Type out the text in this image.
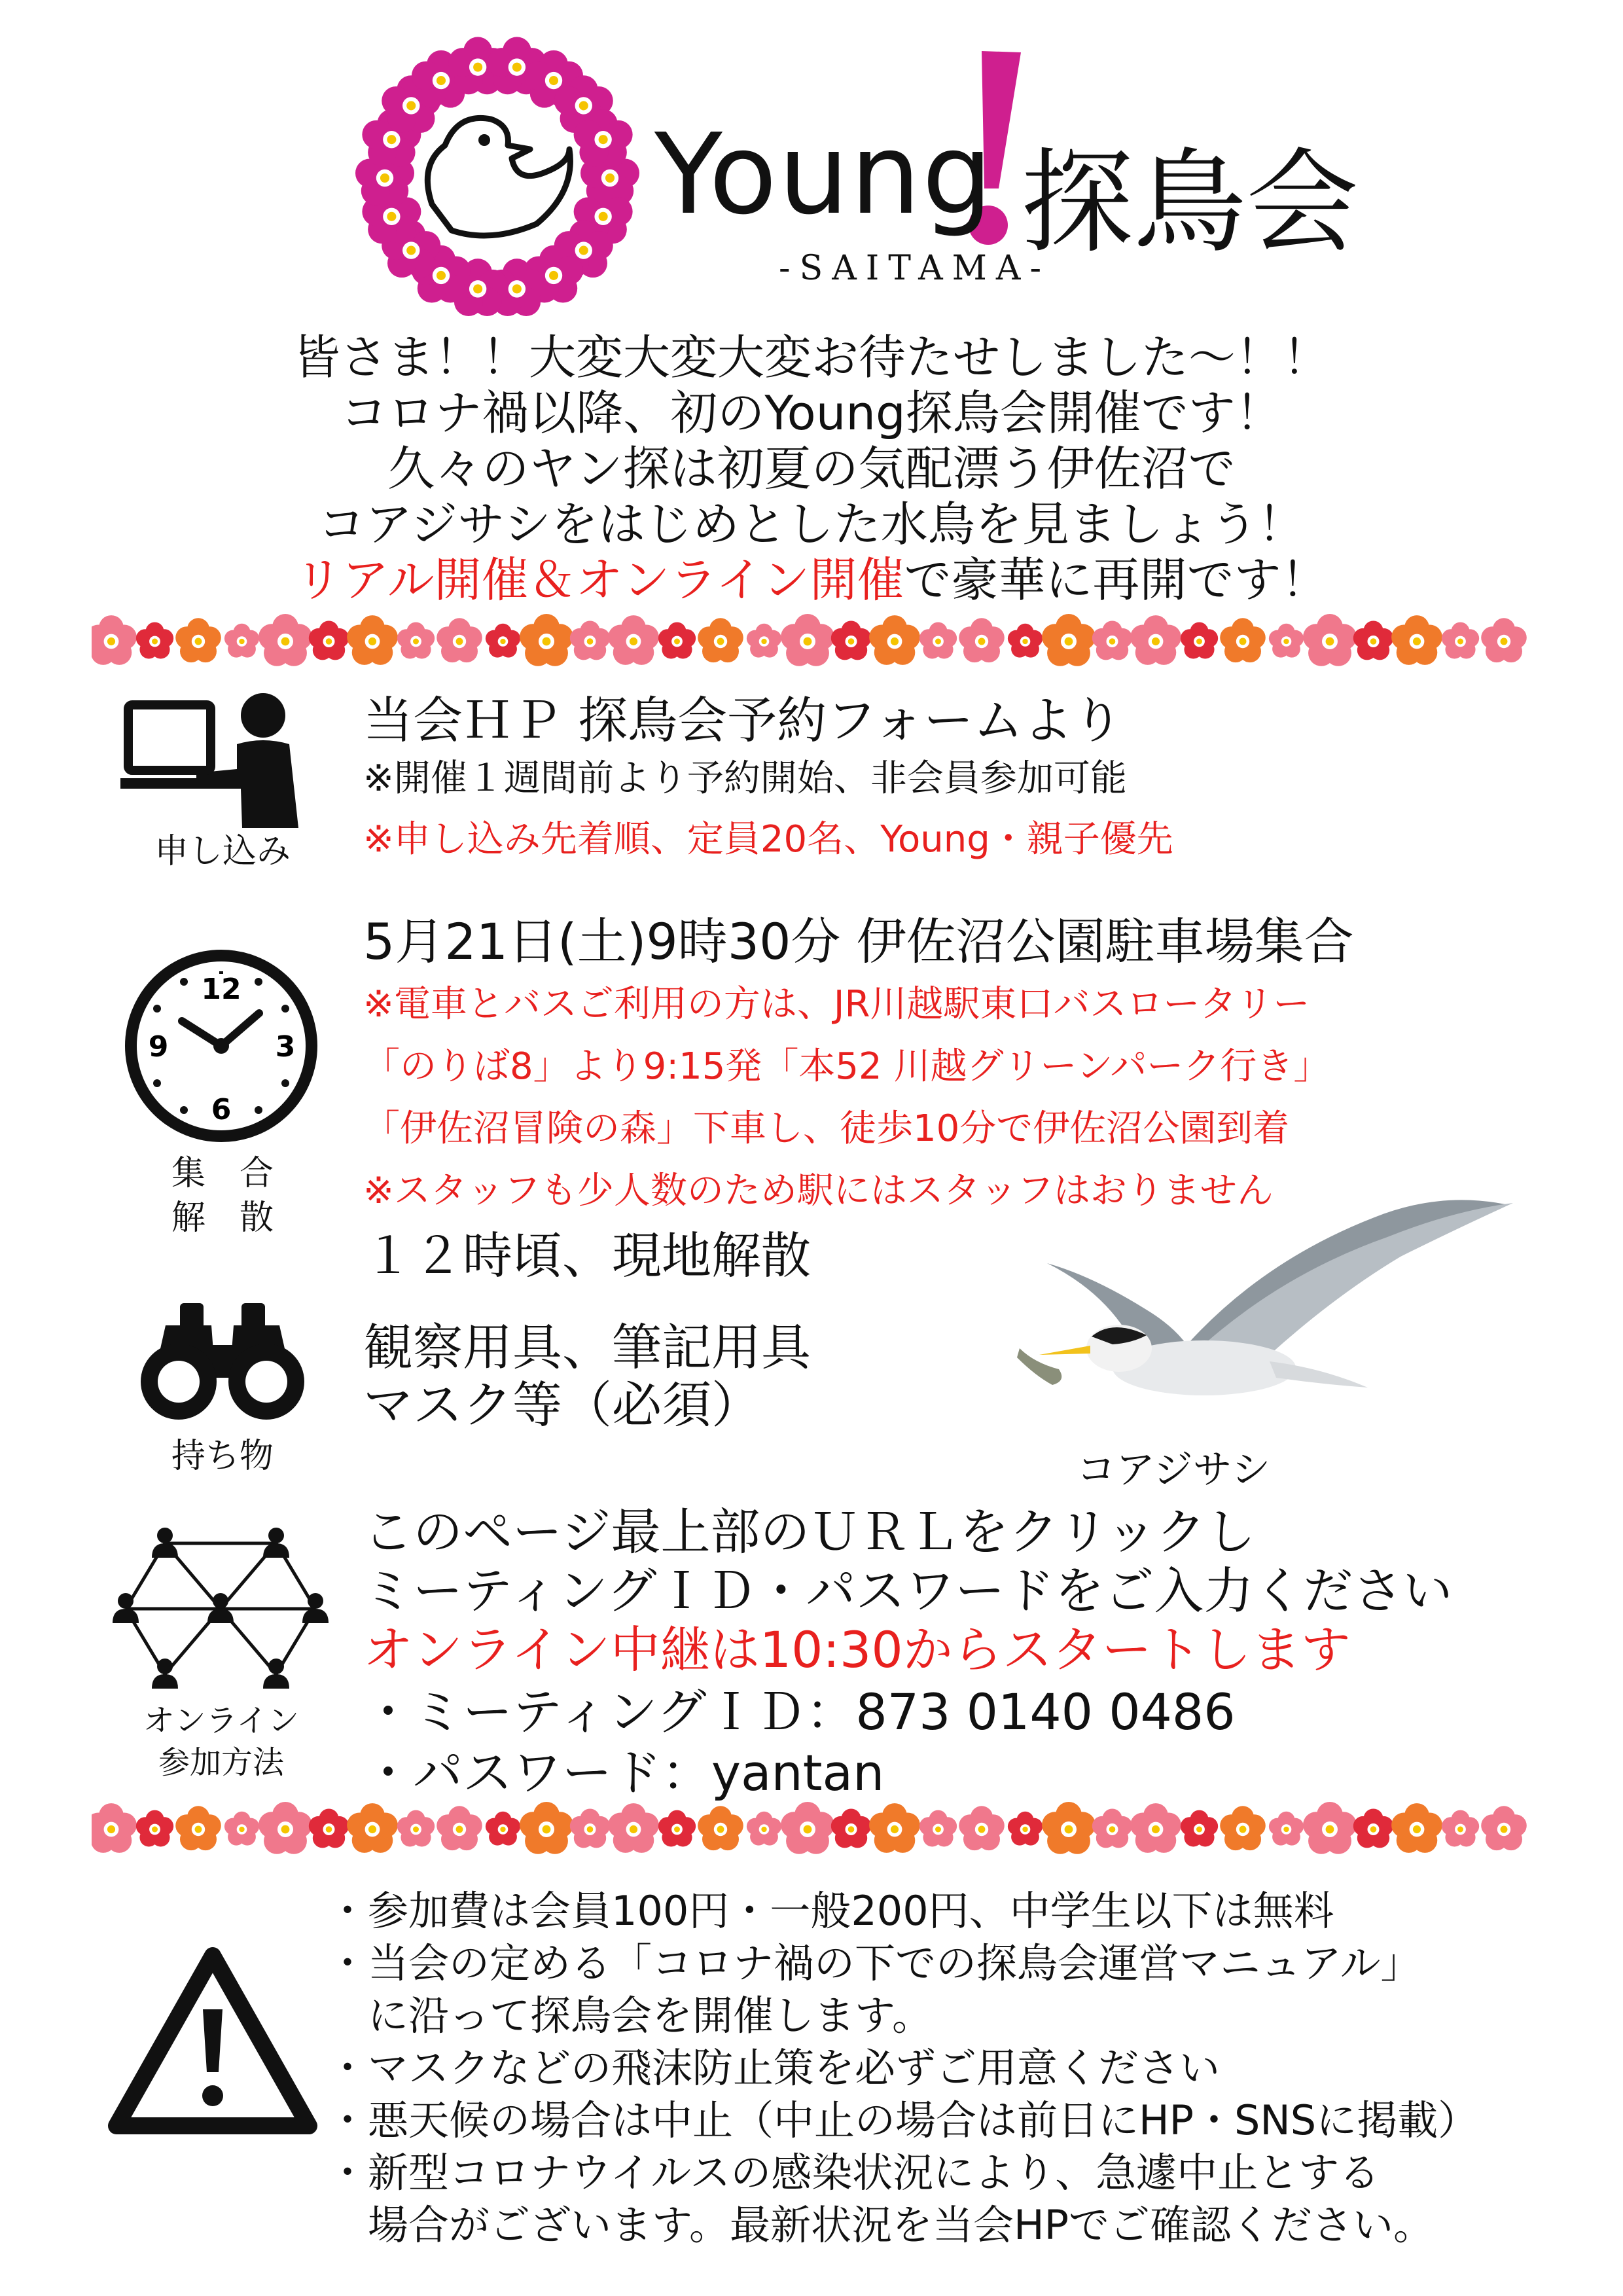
Young 探鳥会
-SAITAMA-
皆さま！！大変大変大変お待たせしました～！！
コロナ禍以降、初のYoung探鳥会開催です！
久々のヤン探は初夏の気配漂う伊佐沼で
コアジサシをはじめとした水鳥を見ましょう！
リアル開催＆オンライン開催で豪華に再開です！
申し込み
当会ＨＰ 探鳥会予約フォームより
※開催１週間前より予約開始、非会員参加可能
※申し込み先着順、定員20名、Young・親子優先
12
3
6
9
集　合
解　散
5月21日(土)9時30分 伊佐沼公園駐車場集合
※電車とバスご利用の方は、JR川越駅東口バスロータリー
「のりば8」より9:15発「本52 川越グリーンパーク行き」
「伊佐沼冒険の森」下車し、徒歩10分で伊佐沼公園到着
※スタッフも少人数のため駅にはスタッフはおりません
１２時頃、現地解散
持ち物
観察用具、筆記用具
マスク等（必須）
コアジサシ
オンライン
参加方法
このページ最上部のＵＲＬをクリックし
ミーティングＩＤ・パスワードをご入力ください
オンライン中継は10:30からスタートします
・ミーティングＩＤ：873 0140 0486
・パスワード：yantan
・参加費は会員100円・一般200円、中学生以下は無料
・当会の定める「コロナ禍の下での探鳥会運営マニュアル」
　に沿って探鳥会を開催します。
・マスクなどの飛沫防止策を必ずご用意ください
・悪天候の場合は中止（中止の場合は前日にHP・SNSに掲載）
・新型コロナウイルスの感染状況により、急遽中止とする
　場合がございます。最新状況を当会HPでご確認ください。
